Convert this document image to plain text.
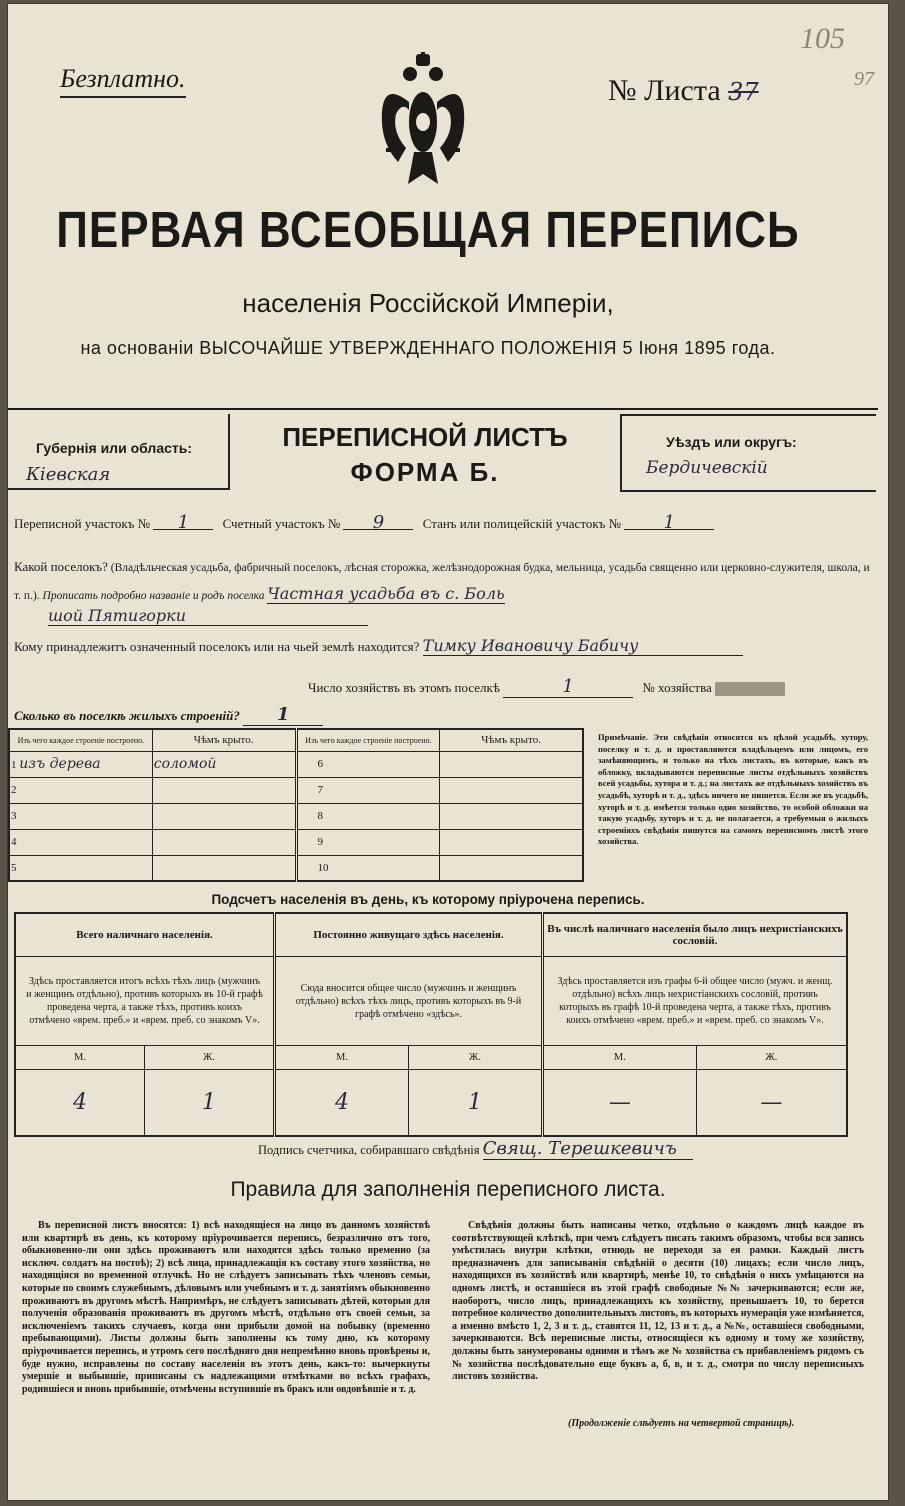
Безплатно.
105
97
№ Листа 37
ПЕРВАЯ ВСЕОБЩАЯ ПЕРЕПИСЬ
населенія Россійской Имперіи,
на основаніи ВЫСОЧАЙШЕ УТВЕРЖДЕННАГО ПОЛОЖЕНІЯ 5 Іюня 1895 года.
Губернія или область:
Кіевская
ПЕРЕПИСНОЙ ЛИСТЪ
ФОРМА Б.
Уѣздъ или округъ:
Бердичевскій
Переписной участокъ № 1	Счетный участокъ № 9	Станъ или полицейскій участокъ № 1
Какой поселокъ? (Владѣльческая усадьба, фабричный поселокъ, лѣсная сторожка, желѣзнодорожная будка, мельница, усадьба священно или церковно-служителя, школа, и т. п.). Прописать подробно названіе и родъ поселка Частная усадьба въ с. Боль
шой Пятигорки
Кому принадлежитъ означенный поселокъ или на чьей землѣ находится? Тимку Ивановичу Бабичу
Число хозяйствъ въ этомъ поселкѣ	1	№ хозяйства
Сколько въ поселкѣ жилыхъ строеній? 1
Изъ чего каждое строеніе построено.	Чѣмъ крыто.	Изъ чего каждое строеніе построено.	Чѣмъ крыто.
1 изъ дерева	соломой	6	
2		7	
3		8	
4		9	
5		10	
Примѣчаніе. Эти свѣдѣнія относятся къ цѣлой усадьбѣ, хутору, поселку и т. д. и проставляются владѣльцемъ или лицомъ, его замѣняющимъ, и только на тѣхъ листахъ, въ которые, какъ въ обложку, вкладываются переписные листы отдѣльныхъ хозяйствъ всей усадьбы, хутора и т. д.; на листахъ же отдѣльныхъ хозяйствъ въ усадьбѣ, хуторѣ и т. д., здѣсь ничего не пишется. Если же въ усадьбѣ, хуторѣ и т. д. имѣется только одно хозяйство, то особой обложки на такую усадьбу, хуторъ и т. д. не полагается, а требуемыя о жилыхъ строеніяхъ свѣдѣнія пишутся на самомъ переписномъ листѣ этого хозяйства.
Подсчетъ населенія въ день, къ которому пріурочена перепись.
Всего наличнаго населенія.		Постоянно живущаго здѣсь населенія.		Въ числѣ наличнаго населенія было лицъ нехристіанскихъ сословій.	
Здѣсь проставляется итогъ всѣхъ тѣхъ лицъ (мужчинъ и женщинъ отдѣльно), противъ которыхъ въ 10-й графѣ проведена черта, а также тѣхъ, противъ коихъ отмѣчено «врем. преб.» и «врем. преб. со знакомъ V».		Сюда вносится общее число (мужчинъ и женщинъ отдѣльно) всѣхъ тѣхъ лицъ, противъ которыхъ въ 9-й графѣ отмѣчено «здѣсь».		Здѣсь проставляется изъ графы 6-й общее число (мужч. и женщ. отдѣльно) всѣхъ лицъ нехристіанскихъ сословій, противъ которыхъ въ графѣ 10-й проведена черта, а также тѣхъ, противъ коихъ отмѣчено «врем. преб.» и «врем. преб. со знакомъ V».	
М.	Ж.	М.	Ж.	М.	Ж.
4	1	4	1	—	—
Подпись счетчика, собиравшаго свѣдѣнія Свящ. Терешкевичъ
Правила для заполненія переписного листа.
Въ переписной листъ вносятся: 1) всѣ находящіеся на лицо въ данномъ хозяйствѣ или квартирѣ въ день, къ которому пріурочивается перепись, безразлично отъ того, обыкновенно-ли они здѣсь проживаютъ или находятся здѣсь только временно (за исключ. солдатъ на постоѣ); 2) всѣ лица, принадлежащія къ составу этого хозяйства, но находящіяся во временной отлучкѣ. Но не слѣдуетъ записывать тѣхъ членовъ семьи, которые по своимъ служебнымъ, дѣловымъ или учебнымъ и т. д. занятіямъ обыкновенно проживаютъ въ другомъ мѣстѣ. Напримѣръ, не слѣдуетъ записывать дѣтей, которыя для полученія образованія проживаютъ въ другомъ мѣстѣ, отдѣльно отъ своей семьи, за исключеніемъ такихъ случаевъ, когда они прибыли домой на побывку (временно пребывающими). Листы должны быть заполнены къ тому дню, къ которому пріурочивается перепись, и утромъ сего послѣдняго дня непремѣнно вновь провѣрены и, буде нужно, исправлены по составу населенія въ этотъ день, какъ-то: вычеркнуты умершіе и выбывшіе, приписаны съ надлежащими отмѣтками во всѣхъ графахъ, родившіеся и вновь прибывшіе, отмѣчены вступившіе въ бракъ или овдовѣвшіе и т. д.
Свѣдѣнія должны быть написаны четко, отдѣльно о каждомъ лицѣ каждое въ соотвѣтствующей клѣткѣ, при чемъ слѣдуетъ писать такимъ образомъ, чтобы вся запись умѣстилась внутри клѣтки, отнюдь не переходя за ея рамки. Каждый листъ предназначенъ для записыванія свѣдѣній о десяти (10) лицахъ; если число лицъ, находящихся въ хозяйствѣ или квартирѣ, менѣе 10, то свѣдѣнія о нихъ умѣщаются на одномъ листѣ, и оставшіеся въ этой графѣ свободные №№ зачеркиваются; если же, наоборотъ, число лицъ, принадлежащихъ къ хозяйству, превышаетъ 10, то берется потребное количество дополнительныхъ листовъ, въ которыхъ нумерація уже измѣняется, а именно вмѣсто 1, 2, 3 и т. д., ставятся 11, 12, 13 и т. д., а №№, оставшіеся свободными, зачеркиваются. Всѣ переписные листы, относящіеся къ одному и тому же хозяйству, должны быть занумерованы одними и тѣмъ же № хозяйства съ прибавленіемъ рядомъ съ № хозяйства послѣдовательно еще буквъ а, б, в, и т. д., смотря по числу переписныхъ листовъ хозяйства.
(Продолженіе слѣдуетъ на четвертой страницѣ).
